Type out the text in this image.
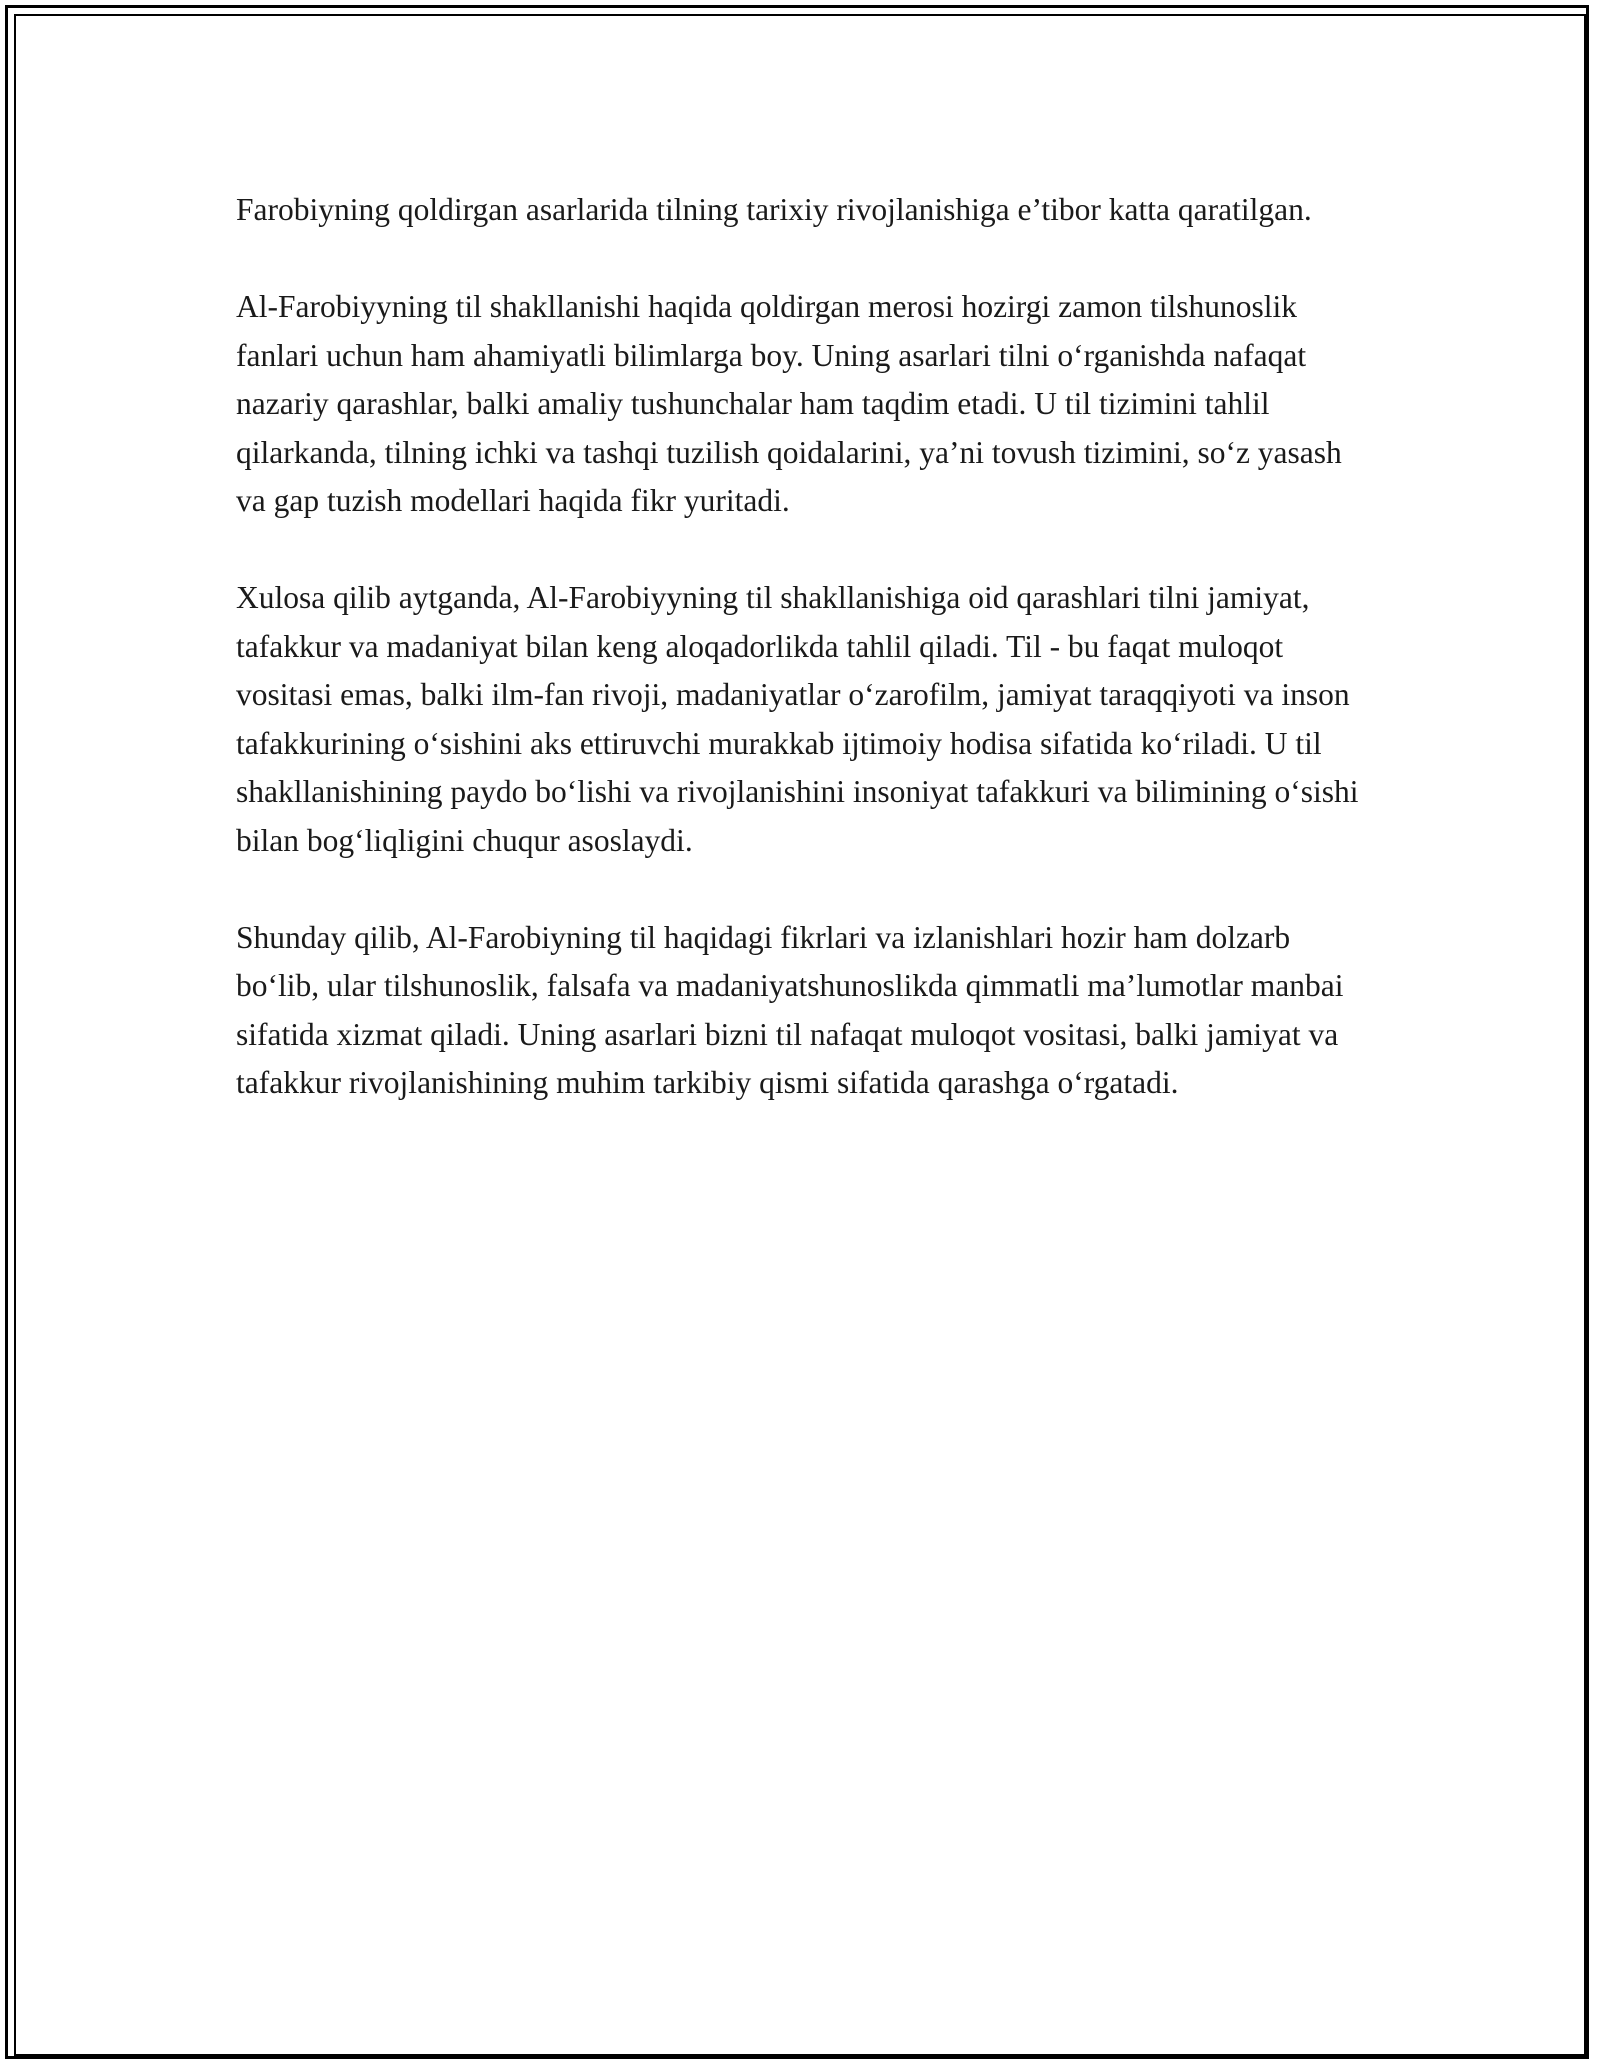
Farobiyning qoldirgan asarlarida tilning tarixiy rivojlanishiga e’tibor katta qaratilgan.

Al-Farobiyyning til shakllanishi haqida qoldirgan merosi hozirgi zamon tilshunoslik fanlari uchun ham ahamiyatli bilimlarga boy. Uning asarlari tilni o‘rganishda nafaqat nazariy qarashlar, balki amaliy tushunchalar ham taqdim etadi. U til tizimini tahlil qilarkanda, tilning ichki va tashqi tuzilish qoidalarini, ya’ni tovush tizimini, so‘z yasash va gap tuzish modellari haqida fikr yuritadi.

Xulosa qilib aytganda, Al-Farobiyyning til shakllanishiga oid qarashlari tilni jamiyat, tafakkur va madaniyat bilan keng aloqadorlikda tahlil qiladi. Til - bu faqat muloqot vositasi emas, balki ilm-fan rivoji, madaniyatlar o‘zarofilm, jamiyat taraqqiyoti va inson tafakkurining o‘sishini aks ettiruvchi murakkab ijtimoiy hodisa sifatida ko‘riladi. U til shakllanishining paydo bo‘lishi va rivojlanishini insoniyat tafakkuri va bilimining o‘sishi bilan bog‘liqligini chuqur asoslaydi.

Shunday qilib, Al-Farobiyning til haqidagi fikrlari va izlanishlari hozir ham dolzarb bo‘lib, ular tilshunoslik, falsafa va madaniyatshunoslikda qimmatli ma’lumotlar manbai sifatida xizmat qiladi. Uning asarlari bizni til nafaqat muloqot vositasi, balki jamiyat va tafakkur rivojlanishining muhim tarkibiy qismi sifatida qarashga o‘rgatadi.
